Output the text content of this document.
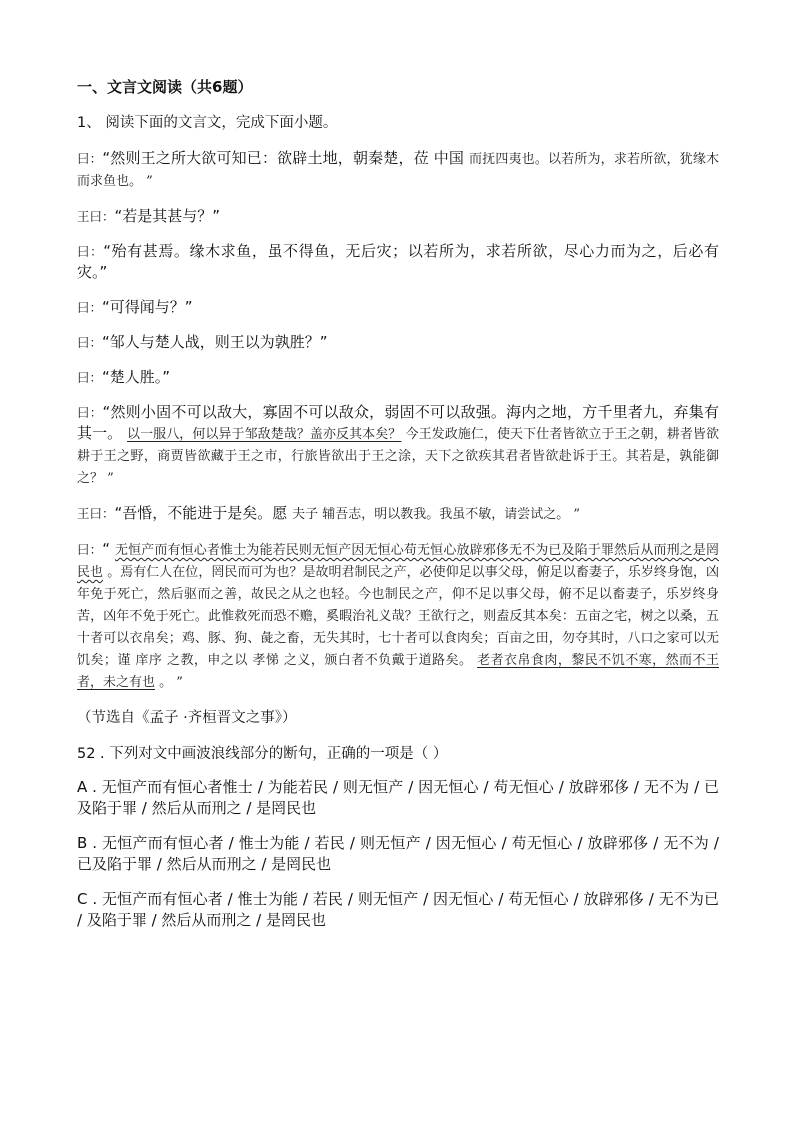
一、文言文阅读（共6题）
1、 阅读下面的文言文，完成下面小题。
曰：“然则王之所大欲可知已：欲辟土地，朝秦楚，莅 中国 而抚四夷也。以若所为，求若所欲，犹缘木而求鱼也。 ”
王曰：“若是其甚与？”
曰：“殆有甚焉。缘木求鱼，虽不得鱼，无后灾；以若所为，求若所欲，尽心力而为之，后必有灾。”
曰：“可得闻与？”
曰：“邹人与楚人战，则王以为孰胜？”
曰：“楚人胜。”
曰：“然则小固不可以敌大，寡固不可以敌众，弱固不可以敌强。海内之地，方千里者九，弃集有其一。 以一服八，何以异于邹敌楚哉？盖亦反其本矣？ 今王发政施仁，使天下仕者皆欲立于王之朝，耕者皆欲耕于王之野，商贾皆欲藏于王之市，行旅皆欲出于王之涂，天下之欲疾其君者皆欲赴诉于王。其若是，孰能御之？ ”
王曰：“吾惛，不能进于是矣。愿 夫子 辅吾志，明以教我。我虽不敏，请尝试之。 ”
曰：“ 无恒产而有恒心者惟士为能若民则无恒产因无恒心苟无恒心放辟邪侈无不为已及陷于罪然后从而刑之是罔民也 。焉有仁人在位，罔民而可为也？是故明君制民之产，必使仰足以事父母，俯足以畜妻子，乐岁终身饱，凶年免于死亡，然后驱而之善，故民之从之也轻。今也制民之产，仰不足以事父母，俯不足以畜妻子，乐岁终身苦，凶年不免于死亡。此惟救死而恐不赡，奚暇治礼义哉？王欲行之，则盍反其本矣：五亩之宅，树之以桑，五十者可以衣帛矣；鸡、豚、狗、彘之畜，无失其时，七十者可以食肉矣；百亩之田，勿夺其时，八口之家可以无饥矣；谨 庠序 之教，申之以 孝悌 之义，颁白者不负戴于道路矣。 老者衣帛食肉，黎民不饥不寒，然而不王者，未之有也 。 ”
（节选自《孟子 ·齐桓晋文之事》）
52 . 下列对文中画波浪线部分的断句，正确的一项是（ ）
A . 无恒产而有恒心者惟士 / 为能若民 / 则无恒产 / 因无恒心 / 苟无恒心 / 放辟邪侈 / 无不为 / 已及陷于罪 / 然后从而刑之 / 是罔民也
B . 无恒产而有恒心者 / 惟士为能 / 若民 / 则无恒产 / 因无恒心 / 苟无恒心 / 放辟邪侈 / 无不为 / 已及陷于罪 / 然后从而刑之 / 是罔民也
C . 无恒产而有恒心者 / 惟士为能 / 若民 / 则无恒产 / 因无恒心 / 苟无恒心 / 放辟邪侈 / 无不为已 / 及陷于罪 / 然后从而刑之 / 是罔民也
